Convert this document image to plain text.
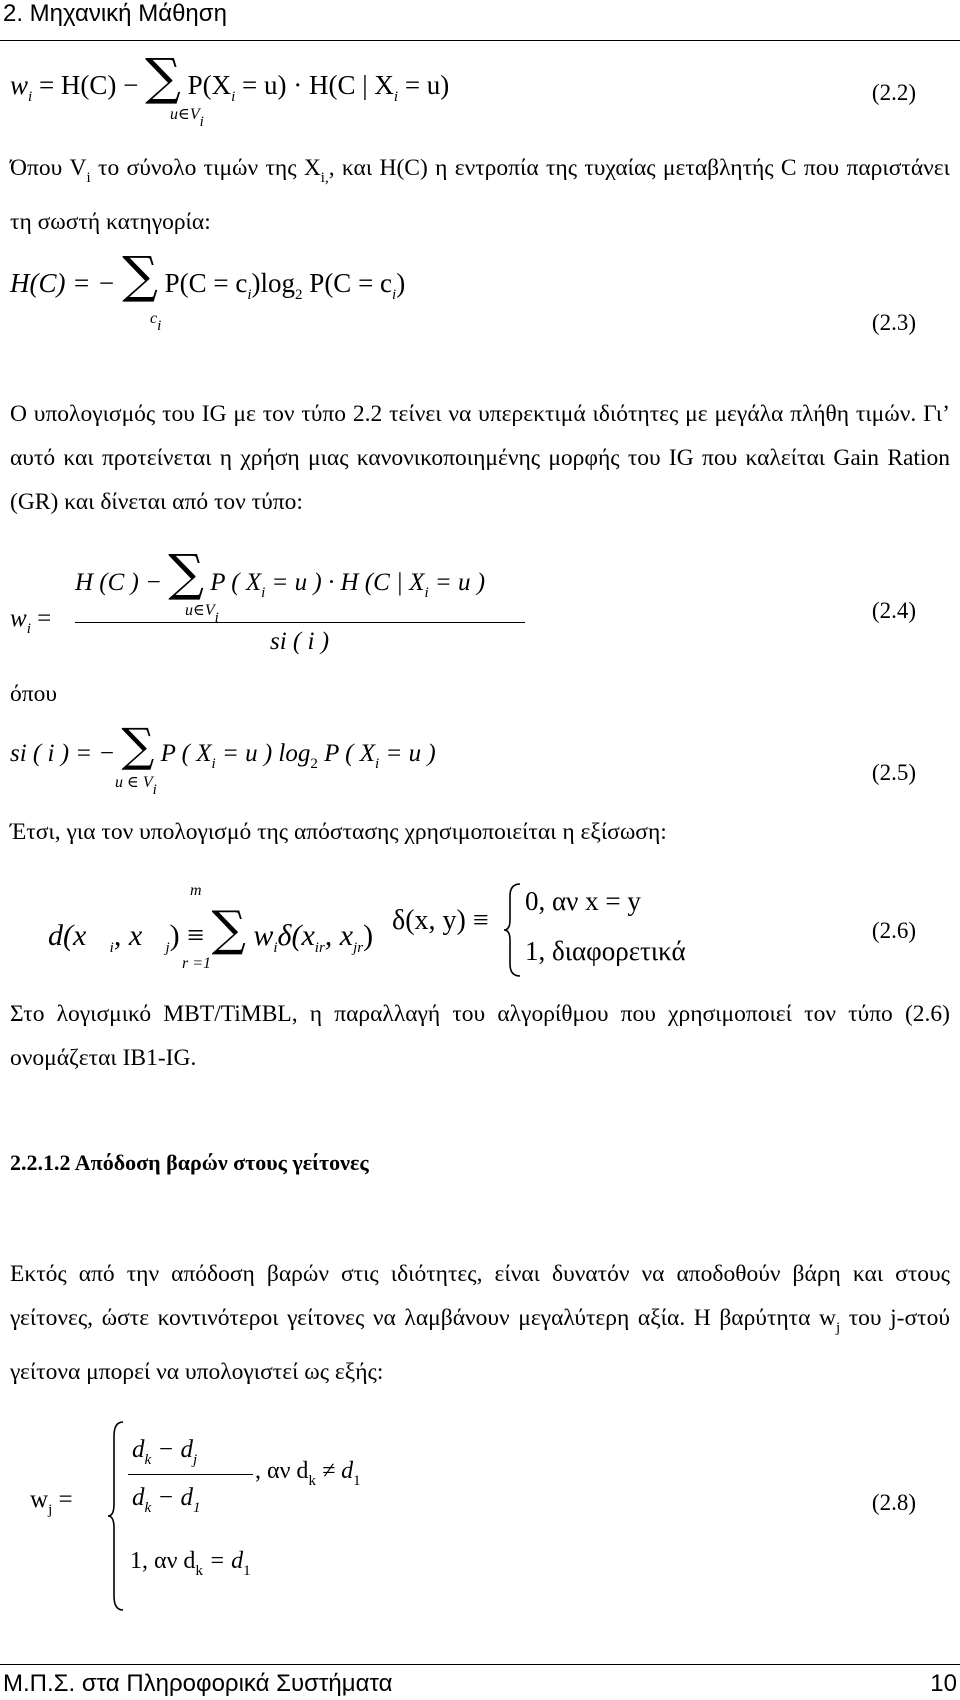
2. Μηχανική Μάθηση
$w_i = H(C)$ − ∑ $P(X_i = u) \cdot H(C$ | $X_i = u$)
u∈Vi
(2.2)
Όπου $V_i$ το σύνολο τιμών της $X_{i,}$, και H(C) η εντροπία της τυχαίας μεταβλητής C που παριστάνει τη σωστή κατηγορία:
H(C) = − ∑ $P(C = c_i)\log_2$ $P(C = c_i)$
ci	(2.3)
Ο υπολογισμός του IG με τον τύπο 2.2 τείνει να υπερεκτιμά ιδιότητες με μεγάλα πλήθη τιμών. Γι’ αυτό και προτείνεται η χρήση μιας κανονικοποιημένης μορφής του IG που καλείται Gain Ration (GR) και δίνεται από τον τύπο:
H (C ) − ∑ P ( $X_i = u$ ) · H (C | $X_i = u$ )
u∈Vi
$w_i$ =
si ( i )
(2.4)
όπου
si ( i ) = − ∑ P ( $X_i = u$ ) $\log_2 P$ ( $X_i = u$ )
u ∈ Vi
(2.5)
Έτσι, για τον υπολογισμό της απόστασης χρησιμοποιείται η εξίσωση:
m
$d(x⃗_i$, $x⃗_j$) ≡ ∑ $w_i\delta(x_{ir}$, $x_{jr}$)
r =1
δ(x, y) ≡
0, αν x = y
1, διαφορετικά
(2.6)
Στο λογισμικό MBT/TiMBL, η παραλλαγή του αλγορίθμου που χρησιμοποιεί τον τύπο (2.6) ονομάζεται IB1-IG.
2.2.1.2 Απόδοση βαρών στους γείτονες
Εκτός από την απόδοση βαρών στις ιδιότητες, είναι δυνατόν να αποδοθούν βάρη και στους γείτονες, ώστε κοντινότεροι γείτονες να λαμβάνουν μεγαλύτερη αξία. Η βαρύτητα $w_j$ του j-στού γείτονα μπορεί να υπολογιστεί ως εξής:
$w_j$ =
$d_k - d_j$
$d_k - d_1$
, αν $d_k \ne d_1$
1, αν $d_k = d_1$
(2.8)
Μ.Π.Σ. στα Πληροφορικά Συστήματα	10
